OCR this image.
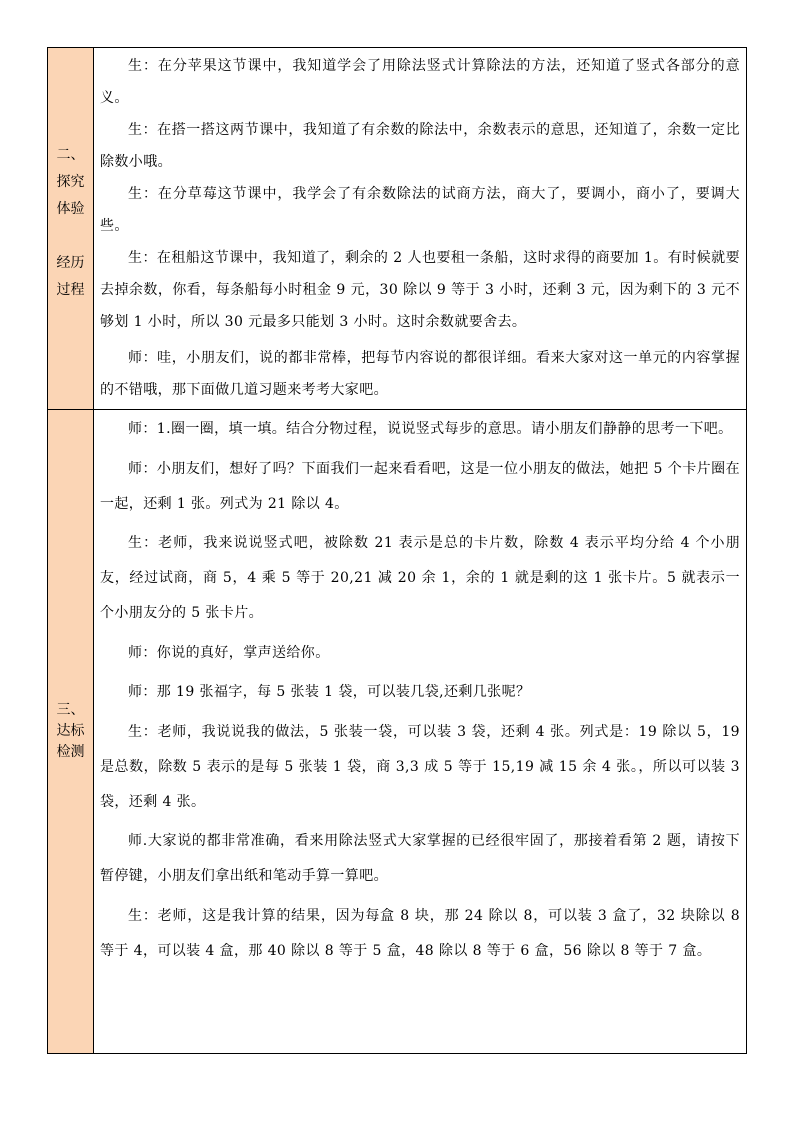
二、
探究
体验
经历
过程

生：在分苹果这节课中，我知道学会了用除法竖式计算除法的方法，还知道了竖式各部分的意义。

生：在搭一搭这两节课中，我知道了有余数的除法中，余数表示的意思，还知道了，余数一定比除数小哦。

生：在分草莓这节课中，我学会了有余数除法的试商方法，商大了，要调小，商小了，要调大些。

生：在租船这节课中，我知道了，剩余的 2 人也要租一条船，这时求得的商要加 1。有时候就要去掉余数，你看，每条船每小时租金 9 元，30 除以 9 等于 3 小时，还剩 3 元，因为剩下的 3 元不够划 1 小时，所以 30 元最多只能划 3 小时。这时余数就要舍去。

师：哇，小朋友们，说的都非常棒，把每节内容说的都很详细。看来大家对这一单元的内容掌握的不错哦，那下面做几道习题来考考大家吧。

三、
达标
检测

师：1.圈一圈，填一填。结合分物过程，说说竖式每步的意思。请小朋友们静静的思考一下吧。

师：小朋友们，想好了吗？下面我们一起来看看吧，这是一位小朋友的做法，她把 5 个卡片圈在一起，还剩 1 张。列式为 21 除以 4。

生：老师，我来说说竖式吧，被除数 21 表示是总的卡片数，除数 4 表示平均分给 4 个小朋友，经过试商，商 5，4 乘 5 等于 20,21 减 20 余 1，余的 1 就是剩的这 1 张卡片。5 就表示一个小朋友分的 5 张卡片。

师：你说的真好，掌声送给你。

师：那 19 张福字，每 5 张装 1 袋，可以装几袋,还剩几张呢？

生：老师，我说说我的做法，5 张装一袋，可以装 3 袋，还剩 4 张。列式是：19 除以 5，19 是总数，除数 5 表示的是每 5 张装 1 袋，商 3,3 成 5 等于 15,19 减 15 余 4 张。，所以可以装 3 袋，还剩 4 张。

师.大家说的都非常准确，看来用除法竖式大家掌握的已经很牢固了，那接着看第 2 题，请按下暂停键，小朋友们拿出纸和笔动手算一算吧。

生：老师，这是我计算的结果，因为每盒 8 块，那 24 除以 8，可以装 3 盒了，32 块除以 8 等于 4，可以装 4 盒，那 40 除以 8 等于 5 盒，48 除以 8 等于 6 盒，56 除以 8 等于 7 盒。
